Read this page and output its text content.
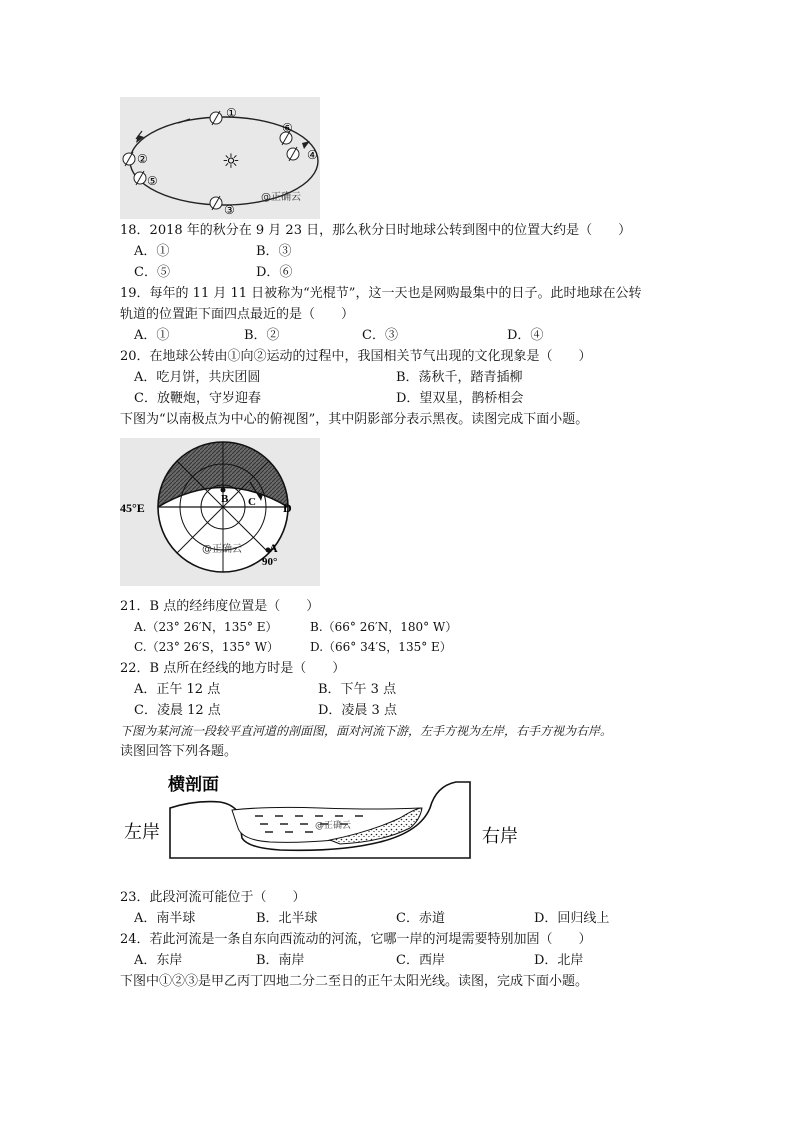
①
②
③
④
⑤
⑥
☼
@正确云
18．2018 年的秋分在 9 月 23 日，那么秋分日时地球公转到图中的位置大约是（　　）
A．①	B．③
C．⑤	D．⑥
19．每年的 11 月 11 日被称为“光棍节”，这一天也是网购最集中的日子。此时地球在公转
轨道的位置距下面四点最近的是（　　）
A．①	B．②	C．③	D．④
20．在地球公转由①向②运动的过程中，我国相关节气出现的文化现象是（　　）
A．吃月饼，共庆团圆	B．荡秋千，踏青插柳
C．放鞭炮，守岁迎春	D．望双星，鹊桥相会
下图为“以南极点为中心的俯视图”，其中阴影部分表示黑夜。读图完成下面小题。
45°E
B C D
A
90°
@正确云
21．B 点的经纬度位置是（　　）
A.（23° 26′N，135° E）	B.（66° 26′N，180° W）
C.（23° 26′S，135° W）	D.（66° 34′S，135° E）
22．B 点所在经线的地方时是（　　）
A．正午 12 点	B．下午 3 点
C．凌晨 12 点	D．凌晨 3 点
下图为某河流一段较平直河道的剖面图，面对河流下游，左手方视为左岸，右手方视为右岸。
读图回答下列各题。
横剖面
左岸	右岸
@正确云
23．此段河流可能位于（　　）
A．南半球	B．北半球	C．赤道	D．回归线上
24．若此河流是一条自东向西流动的河流，它哪一岸的河堤需要特别加固（　　）
A．东岸	B．南岸	C．西岸	D．北岸
下图中①②③是甲乙丙丁四地二分二至日的正午太阳光线。读图，完成下面小题。
